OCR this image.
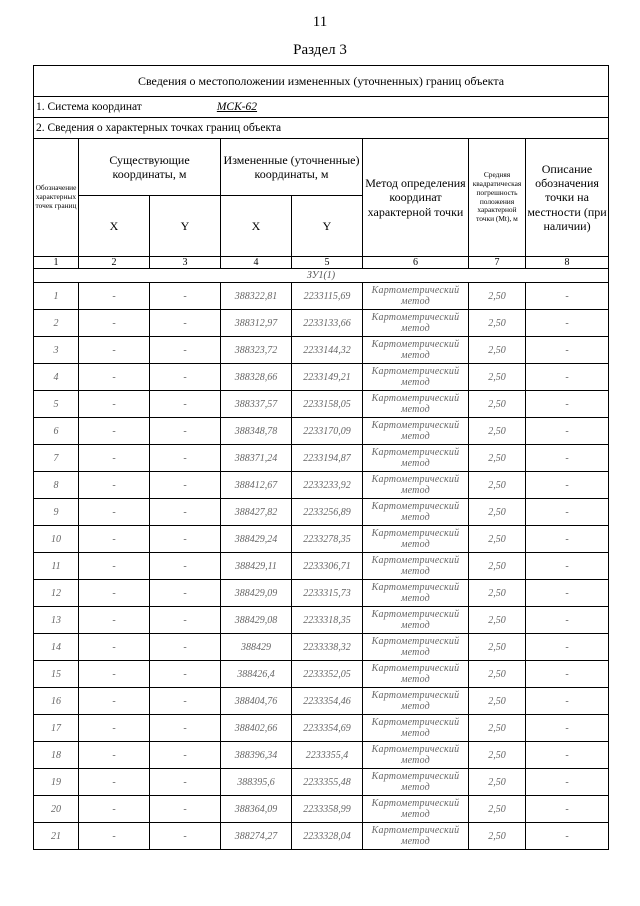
11
Раздел 3
Сведения о местоположении измененных (уточненных) границ объекта							
1. Система координат МСК-62							
2. Сведения о характерных точках границ объекта							
Обозначение характерных точек границ	Существующие координаты, м		Измененные (уточненные) координаты, м		Метод определения координат характерной точки	Средняя квадратическая погрешность положения характерной точки (Mt), м	Описание обозначения точки на местности (при наличии)
	X	Y	X	Y			
1	2	3	4	5	6	7	8
ЗУ1(1)							
1	-	-	388322,81	2233115,69	Картометрический метод	2,50	-
2	-	-	388312,97	2233133,66	Картометрический метод	2,50	-
3	-	-	388323,72	2233144,32	Картометрический метод	2,50	-
4	-	-	388328,66	2233149,21	Картометрический метод	2,50	-
5	-	-	388337,57	2233158,05	Картометрический метод	2,50	-
6	-	-	388348,78	2233170,09	Картометрический метод	2,50	-
7	-	-	388371,24	2233194,87	Картометрический метод	2,50	-
8	-	-	388412,67	2233233,92	Картометрический метод	2,50	-
9	-	-	388427,82	2233256,89	Картометрический метод	2,50	-
10	-	-	388429,24	2233278,35	Картометрический метод	2,50	-
11	-	-	388429,11	2233306,71	Картометрический метод	2,50	-
12	-	-	388429,09	2233315,73	Картометрический метод	2,50	-
13	-	-	388429,08	2233318,35	Картометрический метод	2,50	-
14	-	-	388429	2233338,32	Картометрический метод	2,50	-
15	-	-	388426,4	2233352,05	Картометрический метод	2,50	-
16	-	-	388404,76	2233354,46	Картометрический метод	2,50	-
17	-	-	388402,66	2233354,69	Картометрический метод	2,50	-
18	-	-	388396,34	2233355,4	Картометрический метод	2,50	-
19	-	-	388395,6	2233355,48	Картометрический метод	2,50	-
20	-	-	388364,09	2233358,99	Картометрический метод	2,50	-
21	-	-	388274,27	2233328,04	Картометрический метод	2,50	-
